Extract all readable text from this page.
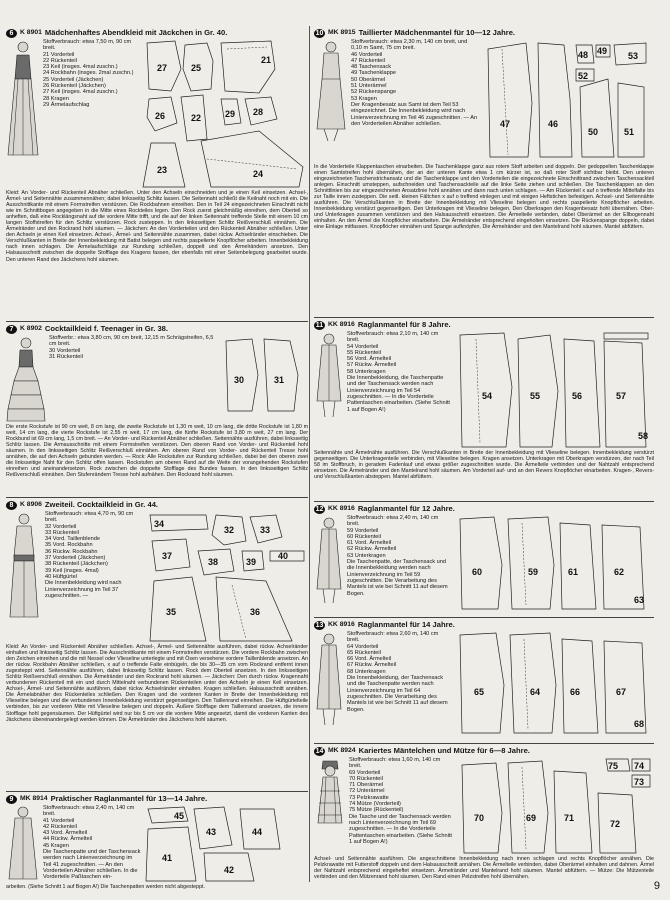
6 K 8901 Mädchenhaftes Abendkleid mit Jäckchen in Gr. 40.
Stoffverbrauch: etwa 7,50 m, 90 cm breit.
21 Vorderteil
22 Rückenteil
23 Keil (insges. 4mal zuschn.)
24 Rockbahn (insges. 2mal zuschn.)
25 Vorderteil (Jäckchen)
26 Rückenteil (Jäckchen)
27 Keil (insges. 4mal zuschn.)
28 Kragen
29 Ärmelaufschlag
27	25
21
26	22	29 28
23	24
Kleid: An Vorder- und Rückenteil Abnäher schließen. Unter den Achseln einschneiden und je einen Keil einsetzen. Achsel-, Ärmel- und Seitennähte zusammennähen; dabei linksseitig Schlitz lassen. Die Seitennaht schließt die Keilnaht noch mit ein. Die Ausschnittkante mit einem Formstreifen verstürzen. Die Rockbahnen einreihen. Den in Teil 24 eingezeichneten Einschnitt nicht wie im Schnittbogen angegeben in die Mitte eines Rockteiles legen. Den Rock zuerst gleichmäßig einreihen, dem Oberteil so anheften, daß eine Rocklängsnaht auf die vordere Mitte trifft, und die auf der linken Seitennaht treffende Stelle mit einem 10 cm langen Stoffstreifen für den Schlitz verstürzen. Rock zusteppen. In den linksseitigen Schlitz Reißverschluß einnähen. Die Ärmelränder und den Rockrand hohl säumen. — Jäckchen: An den Vorderteilen und den Rückenteil Abnäher schließen. Unter den Achseln je einen Keil einsetzen. Achsel-, Ärmel- und Seitennähte zusammen, dabei rückw. Achselränder einschieben. Die Verschlußkanten in Breite der Innenbekleidung mit Batist belegen und rechts paspelierte Knopflöcher arbeiten. Innenbekleidung nach innen schlagen. Die Ärmelaufschläge zur Rundung schließen, doppelt und den Ärmelrändern ansetzen. Den Halsausschnitt zwischen die doppelte Stofflage des Kragens fassen, der ebenfalls mit einer Seitenbelegung gearbeitet wurde. Den unteren Rand des Jäckchens hohl säumen.
7 K 8902 Cocktailkleid f. Teenager in Gr. 38.
Stoffverbr.: etwa 3,80 cm, 90 cm breit, 12,15 m Schrägstreifen, 6,5 cm breit.
30 Vorderteil
31 Rückenteil
30	31
Die erste Rockstufe ist 90 cm weit, 8 cm lang, die zweite Rockstufe ist 1,30 m weit, 10 cm lang, die dritte Rockstufe ist 1,80 m weit, 14 cm lang, die vierte Rockstufe ist 2,55 m weit, 17 cm lang, die fünfte Rockstufe ist 3,80 m weit, 27 cm lang. Der Rockbund ist 69 cm lang, 1,5 cm breit. — An Vorder- und Rückenteil Abnäher schließen. Seitennähte ausführen, dabei linksseitig Schlitz lassen. Die Armausschnitte mit einem Formstreifen verstürzen. Den oberen Rand von Vorder- und Rückenteil hohl säumen. In den linksseitigen Schlitz Reißverschluß einnähen. Am oberen Rand von Vorder- und Rückenteil Tresse hohl annähen, die auf den Achseln gebunden werden. — Rock: Alle Rockstufen zur Rundung schließen, dabei bei den oberen zwei die linksseitige Naht für den Schlitz offen lassen. Rockstufen am oberen Rand auf die Weite der vorangehenden Rockstufen einreihen und aneinandersetzen. Rock zwischen die doppelte Stofflage des Bundes fassen. In den linksseitigen Schlitz Reißverschluß einnähen. Den Stufenrändern Tresse hohl aufnähen. Den Rockrand hohl säumen.
8 K 8906 Zweiteil. Cocktailkleid in Gr. 44.
Stoffverbrauch: etwa 4,70 m, 90 cm breit.
32 Vorderteil
33 Rückenteil
34 Vord. Taillenblende
35 Vord. Rockbahn
36 Rückw. Rockbahn
37 Vorderteil (Jäckchen)
38 Rückenteil (Jäckchen)
39 Keil (insges. 4mal)
40 Hüftgürtel
Die Innenbekleidung wird nach Linienverzeichnung im Teil 37 zugeschnitten. —
34
32	33
37
38	39
40
35	36
Kleid: An Vorder- und Rückenteil Abnäher schließen. Achsel-, Ärmel- und Seitennähte ausführen, dabei rückw. Achselränder einhalten und linksseitig Schlitz lassen. Die Ausschnittkante mit einem Formstreifen verstürzen. Die vordere Rockbahn zwischen den Zeichen einreihen und die mit Nessel oder Vlieseline unterlegte und mit Ösen versehene vordere Taillenblende ansetzen. An der rückw. Rockbahn Abnäher schließen, x auf o treffende Falte einbügeln, die bis 30—35 cm vom Rockrand entfernt innen zugesteppt wird. Seitennähte ausführen, dabei linksseitig Schlitz lassen. Rock dem Oberteil ansetzen. In den linksseitigen Schlitz Reißverschluß einnähen. Die Ärmelränder und den Rockrand hohl säumen. — Jäckchen: Den durch rückw. Kragennaht verbundenen Rückenteil mit ein und durch Mittelnaht verbundenen Rückenteilen unter den Achseln je einen Keil einsetzen. Achsel-, Ärmel- und Seitennähte ausführen, dabei rückw. Achselränder einhalten. Kragen schließen. Halsausschnitt annähen. Die Ärmelabnäher des Rückenteiles schließen. Den Kragen und die vorderen Kanten in Breite der Innenbekleidung mit Vlieseline belegen und die verbundenen Innenbekleidung verstürzt gegenseitigen. Den Taillenrand einreihen. Die Hüftgürtelteile verbinden, bis zur vorderen Mitte mit Vlieseline belegen und doppeln. Äußere Stofflage dem Taillenrand ansetzen, die innere Stofflage hohl gegensäumen. Der Hüftgürtel wird nur bis 5 cm vor die vordere Mitte angesetzt, damit die vorderen Kanten des Jäckchens übereinandergelegt werden können. Die Ärmelränder des Jäckchens hohl säumen.
9 MK 8914 Praktischer Raglanmantel für 13—14 Jahre.
Stoffverbrauch: etwa 2,40 m, 140 cm breit.
41 Vorderteil
42 Rückenteil
43 Vord. Ärmelteil
44 Rückw. Ärmelteil
45 Kragen
Die Taschenpatte und der Taschensack werden nach Linienverzeichnung im Teil 41 zugeschnitten. — An den Vorderteilen Abnäher schließen. In die Vorderteile Paßtaschen ein-
45
43	44
41
42
arbeiten. (Siehe Schnitt 1 auf Bogen A!) Die Taschenpatten werden nicht abgesteppt.
10 MK 8915 Taillierter Mädchenmantel für 10—12 Jahre.
Stoffverbrauch: etwa 2,30 m, 140 cm breit, und 0,10 m Samt, 75 cm breit.
46 Vorderteil
47 Rückenteil
48 Taschensack
49 Taschenklappe
50 Oberärmel
51 Unterärmel
52 Rückenspange
53 Kragen
Der Kragenbesatz aus Samt ist dem Teil 53 eingezeichnet. Die Innenbekleidung wird nach Linienverzeichnung im Teil 46 zugeschnitten. — An den Vorderteilen Abnäher schließen.	47	46
48 49 53
52
50	51
In die Vorderteile Klappentaschen einarbeiten. Die Taschenklappe ganz aus rotem Stoff arbeiten und doppeln. Der gedoppelten Taschenklappe einen Samtstreifen hohl übernähen, der an der unteren Kante etwa 1 cm kürzer ist, so daß roter Stoff sichtbar bleibt. Den unteren eingezeichneten Taschenstrichansatz und die Taschenklappe und den Vorderteilen die eingezeichnete Einschnittrand zwischen Taschensackteil anlegen. Einschnitt umsteppen, aufschneiden und Taschensackteile auf die linke Seite ziehen und schließen. Die Taschenklappen an den Schnittlinien bis zur eingezeichneten Ansatzlinie hohl annähen und dann nach unten schlagen. — Am Rückenteil x auf o treffende Mittelfalte bis zur Taille innen zusteppen. Die seitl. kleinen Fältchen x auf o treffend einlegen und mit einigen Heftstichen befestigen. Achsel- und Seitennähte ausführen. Die Verschlußkanten in Breite der Innenbekleidung mit Vlieseline belegen und rechts paspelierte Knopflöcher arbeiten. Innenbekleidung verstürzt gegenseitigen. Den Unterkragen mit Vlieseline belegen. Den Oberkragen den Kragenbesatz hohl übernähen. Ober- und Unterkragen zusammen verstürzen und den Halsausschnitt einsetzen. Die Ärmelteile verbinden, dabei Oberärmel an der Ellbogennaht einhalten. An den Ärmel die Knopflöcher einarbeiten. Die Ärmelränder entsprechend eingeholten einsetzen. Die Rückenspange doppeln, dabei eine Einlage mitfassen. Knopflöcher einnähen und Spange aufknöpfen. Die Ärmelränder und den Mantelrand hohl säumen. Mantel abfüttern.
11 KK 8916 Raglanmantel für 8 Jahre.
Stoffverbrauch: etwa 2,10 m, 140 cm breit.
54 Vorderteil
55 Rückenteil
56 Vord. Ärmelteil
57 Rückw. Ärmelteil
58 Unterkragen
Die Innenbekleidung, die Taschenpatte und der Taschensack werden nach Linienverzeichnung im Teil 54 zugeschnitten. — In die Vorderteile Pattentaschen einarbeiten. (Siehe Schnitt 1 auf Bogen A!)
54	55	56	57
58
Seitennähte und Ärmelnähte ausführen. Die Verschlußkanten in Breite der Innenbekleidung mit Vlieseline belegen. Innenbekleidung verstürzt gegenseitigen. Die Unterkragenteile verbinden, mit Vlieseline belegen. Kragen ansetzen. Unterkragen mit Oberkragen verstürzen, der nach Teil 58 im Stoffbruch, in geradem Fadenlauf und etwas größer zugeschnitten wurde. Die Ärmelteile verbinden und der Nahtzahl entsprechend einsetzen. Die Ärmelränder und den Mantelrand hohl säumen. Am Vorderteil auf- und an den Revers Knopflöcher einarbeiten. Kragen-, Revers- und Verschlußkanten absteppen. Mantel abfüttern.
12 KK 8916 Raglanmantel für 12 Jahre.
Stoffverbrauch: etwa 2,40 m, 140 cm breit.
59 Vorderteil
60 Rückenteil
61 Vord. Ärmelteil
62 Rückw. Ärmelteil
63 Unterkragen
Die Taschenpatte, der Taschensack und die Innenbekleidung werden nach Linienverzeichnung im Teil 59 zugeschnitten. Die Verarbeitung des Mantels ist wie bei Schnitt 11 auf diesem Bogen.
60	59	61	62
63
13 KK 8916 Raglanmantel für 14 Jahre.
Stoffverbrauch: etwa 2,60 m, 140 cm breit.
64 Vorderteil
65 Rückenteil
66 Vord. Ärmelteil
67 Rückw. Ärmelteil
68 Unterkragen
Die Innenbekleidung, der Taschensack und die Taschenpatte werden nach Linienverzeichnung im Teil 64 zugeschnitten. Die Verarbeitung des Mantels ist wie bei Schnitt 11 auf diesem Bogen.
65	64	66	67
68
14 MK 8924 Kariertes Mäntelchen und Mütze für 6—8 Jahre.
Stoffverbrauch: etwa 1,60 m, 140 cm breit.
69 Vorderteil
70 Rückenteil
71 Oberärmel
72 Unterärmel
73 Pelzkrawatte
74 Mütze (Vorderteil)
75 Mütze (Rückenteil)
Die Tasche und der Taschensack werden nach Linienverzeichnung im Teil 69 zugeschnitten. — In die Vorderteile Pattentaschen einarbeiten. (Siehe Schnitt 1 auf Bogen A!)
75 74
73
70	69	71
72
Achsel- und Seitennähte ausführen. Die angeschnittene Innenbekleidung nach innen schlagen und rechts Knopflöcher annähen. Die Pelzkrawatte mit Futterstoff doppeln und dem Halsausschnitt annähen. Die Ärmelteile verbinden, dabei Oberärmel einhalten und dahnen. Ärmel der Nahtzahl entsprechend eingeheftet einsetzen. Ärmelränder und Mantelrand hohl säumen. Mantel abfüttern. — Mütze: Die Mützenteile verbinden und den Mützenrand hohl säumen. Den Rand einen Pelzstreifen hohl übernähen.
9
